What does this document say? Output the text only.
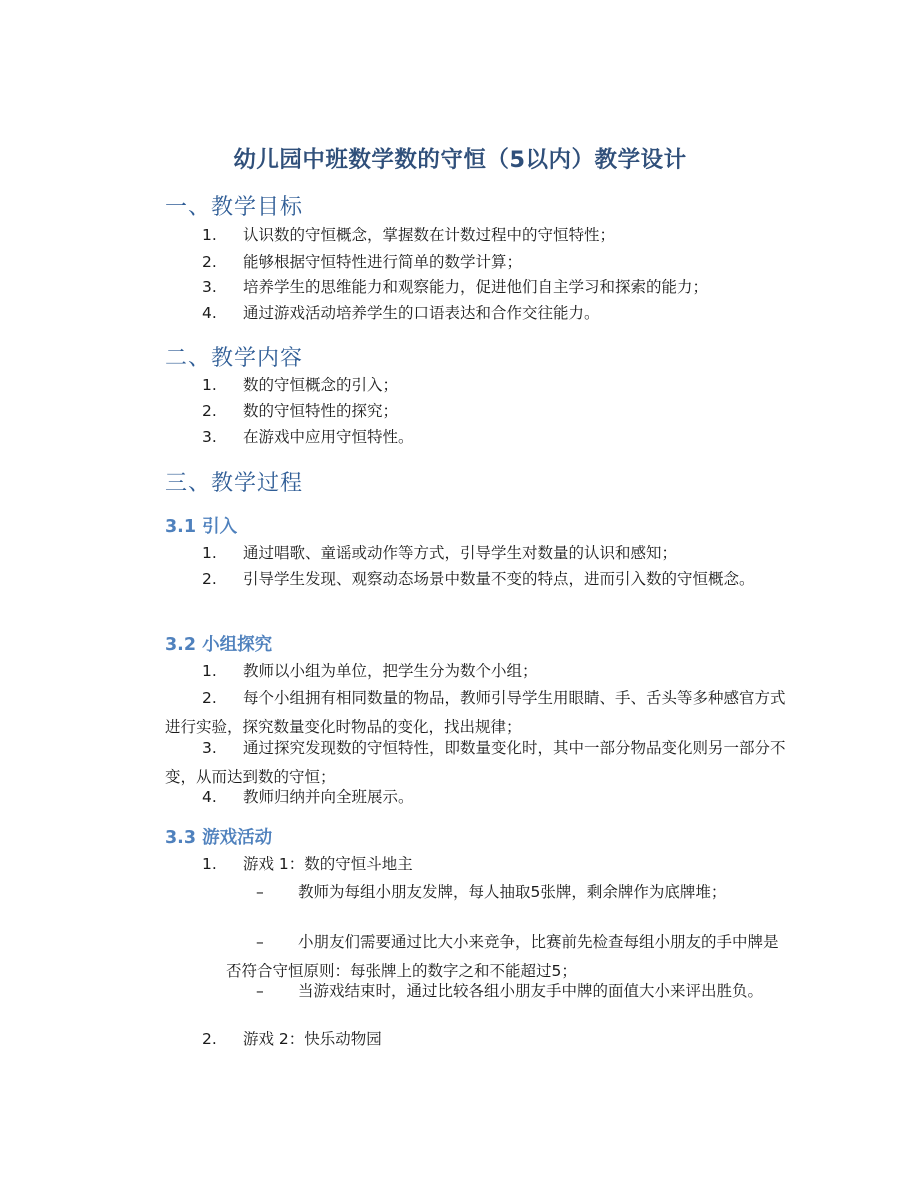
幼儿园中班数学数的守恒（5以内）教学设计
一、教学目标
1. 认识数的守恒概念，掌握数在计数过程中的守恒特性；
2. 能够根据守恒特性进行简单的数学计算；
3. 培养学生的思维能力和观察能力，促进他们自主学习和探索的能力；
4. 通过游戏活动培养学生的口语表达和合作交往能力。
二、教学内容
1. 数的守恒概念的引入；
2. 数的守恒特性的探究；
3. 在游戏中应用守恒特性。
三、教学过程
3.1 引入
1. 通过唱歌、童谣或动作等方式，引导学生对数量的认识和感知；
2. 引导学生发现、观察动态场景中数量不变的特点，进而引入数的守恒概念。
3.2 小组探究
1. 教师以小组为单位，把学生分为数个小组；
2. 每个小组拥有相同数量的物品，教师引导学生用眼睛、手、舌头等多种感官方式进行实验，探究数量变化时物品的变化，找出规律；
3. 通过探究发现数的守恒特性，即数量变化时，其中一部分物品变化则另一部分不变，从而达到数的守恒；
4. 教师归纳并向全班展示。
3.3 游戏活动
1. 游戏 1：数的守恒斗地主
– 教师为每组小朋友发牌，每人抽取5张牌，剩余牌作为底牌堆；
– 小朋友们需要通过比大小来竞争，比赛前先检查每组小朋友的手中牌是否符合守恒原则：每张牌上的数字之和不能超过5；
– 当游戏结束时，通过比较各组小朋友手中牌的面值大小来评出胜负。
2. 游戏 2：快乐动物园
